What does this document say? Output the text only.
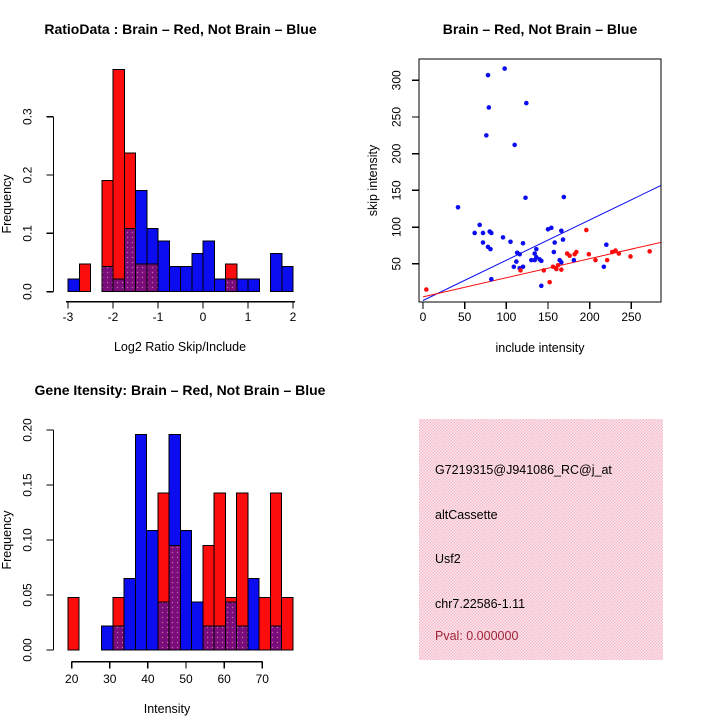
0.0
0.1
0.2
0.3
-3	-2	-1	0	1	2
RatioData : Brain – Red, Not Brain – Blue
Log2 Ratio Skip/Include
Frequency
0	50 100 150 200 250
50
100
150
200
250
300
Brain – Red, Not Brain – Blue
include intensity
skip intensity
0.00
0.05
0.10
0.15
0.20
20 30 40 50 60 70
Gene Itensity: Brain – Red, Not Brain – Blue
Intensity
Frequency
G7219315@J941086_RC@j_at
altCassette
Usf2
chr7.22586-1.11
Pval: 0.000000
